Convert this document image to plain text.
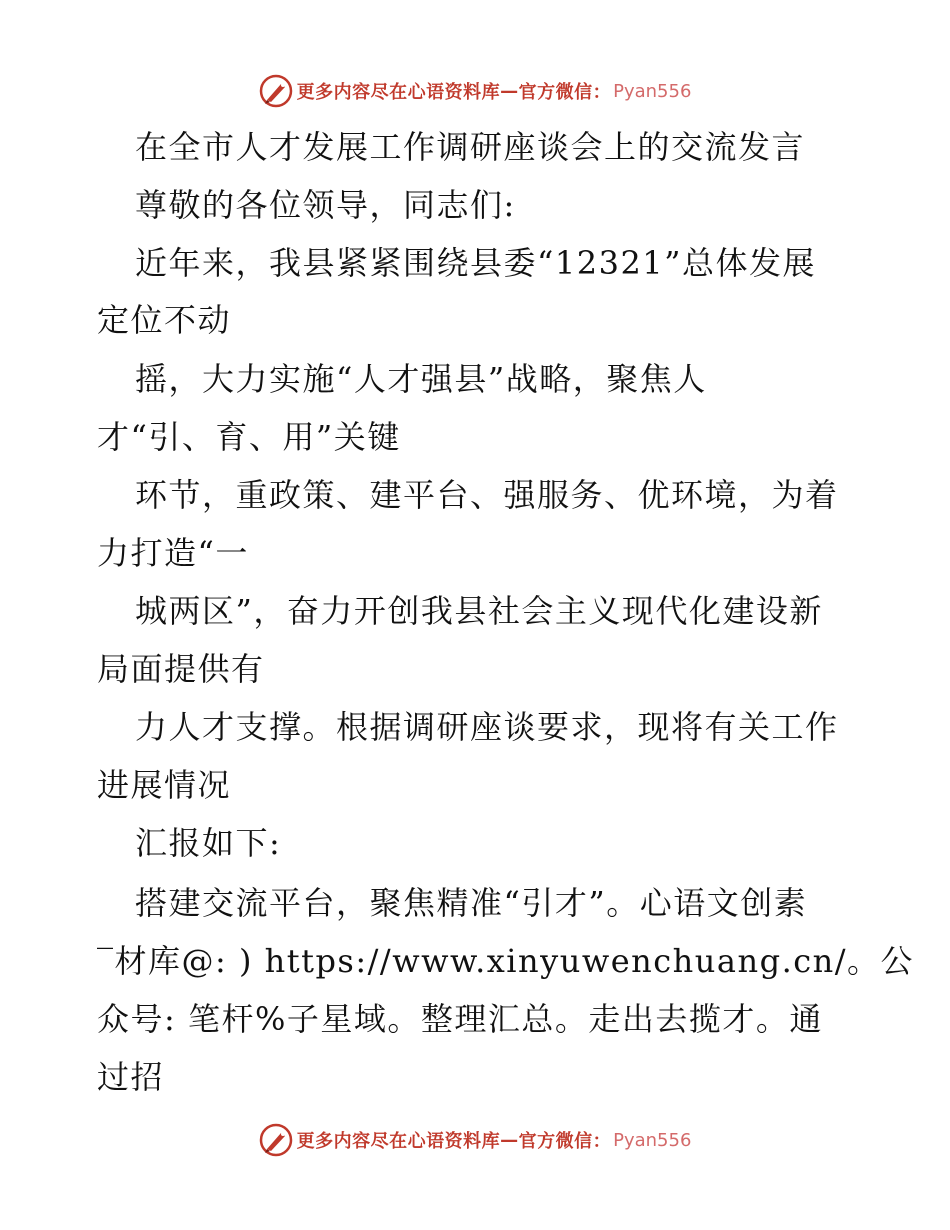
更多内容尽在心语资料库 — 官方微信： Pyan556
在全市人才发展工作调研座谈会上的交流发言
尊敬的各位领导，同志们:
近年来，我县紧紧围绕县委“12321”总体发展
定位不动
摇，大力实施“人才强县”战略，聚焦人
才“引、育、用”关键
环节，重政策、建平台、强服务、优环境，为着
力打造“一
城两区”，奋力开创我县社会主义现代化建设新
局面提供有
力人才支撑。根据调研座谈要求，现将有关工作
进展情况
汇报如下:
搭建交流平台，聚焦精准“引才”。心语文创素
‾材库@: ) https://www.xinyuwenchuang.cn/。公
众号: 笔杆%子星域。整理汇总。走出去揽才。通
过招
更多内容尽在心语资料库 — 官方微信： Pyan556
